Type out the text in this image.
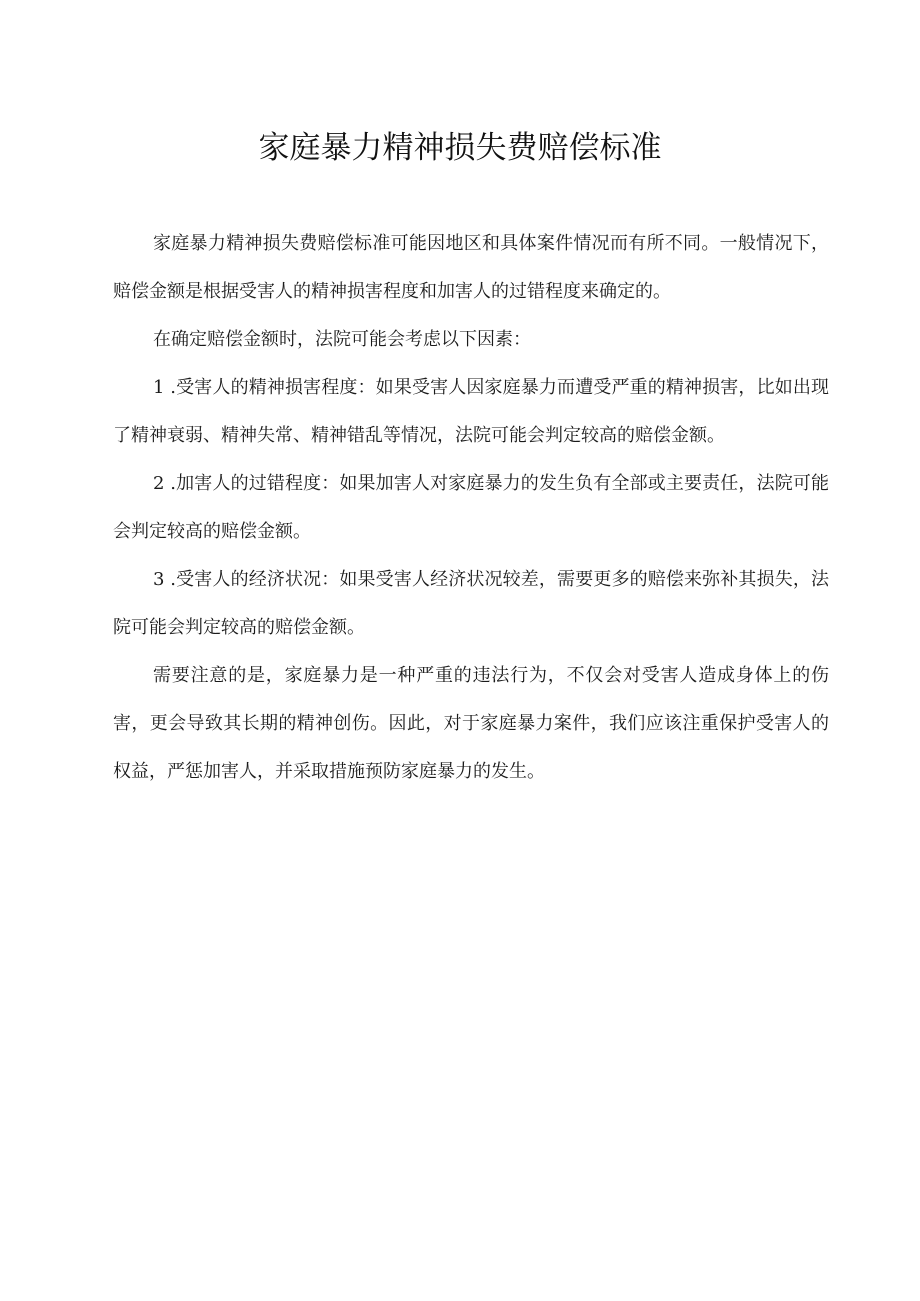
家庭暴力精神损失费赔偿标准

家庭暴力精神损失费赔偿标准可能因地区和具体案件情况而有所不同。一般情况下，赔偿金额是根据受害人的精神损害程度和加害人的过错程度来确定的。

在确定赔偿金额时，法院可能会考虑以下因素：

1 .受害人的精神损害程度：如果受害人因家庭暴力而遭受严重的精神损害，比如出现了精神衰弱、精神失常、精神错乱等情况，法院可能会判定较高的赔偿金额。

2 .加害人的过错程度：如果加害人对家庭暴力的发生负有全部或主要责任，法院可能会判定较高的赔偿金额。

3 .受害人的经济状况：如果受害人经济状况较差，需要更多的赔偿来弥补其损失，法院可能会判定较高的赔偿金额。

需要注意的是，家庭暴力是一种严重的违法行为，不仅会对受害人造成身体上的伤害，更会导致其长期的精神创伤。因此，对于家庭暴力案件，我们应该注重保护受害人的权益，严惩加害人，并采取措施预防家庭暴力的发生。
